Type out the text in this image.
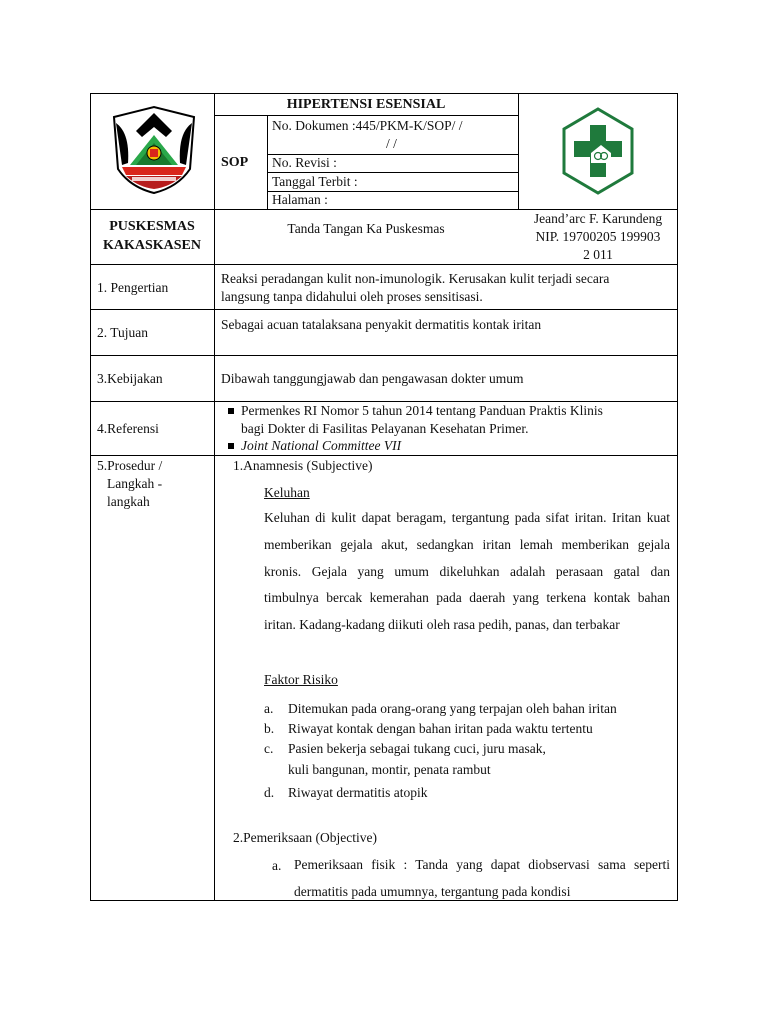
HIPERTENSI ESENSIAL
SOP
No. Dokumen :445/PKM-K/SOP/ /
/ /
No. Revisi :
Tanggal Terbit :
Halaman :
PUSKESMAS
KAKASKASEN
Tanda Tangan Ka Puskesmas
Jeand’arc F. Karundeng
NIP. 19700205 199903
2 011
1. Pengertian
Reaksi peradangan kulit non-imunologik. Kerusakan kulit terjadi secara
langsung tanpa didahului oleh proses sensitisasi.
2. Tujuan
Sebagai acuan tatalaksana penyakit dermatitis kontak iritan
3.Kebijakan	Dibawah tanggungjawab dan pengawasan dokter umum
4.Referensi
Permenkes RI Nomor 5 tahun 2014 tentang Panduan Praktis Klinis
bagi Dokter di Fasilitas Pelayanan Kesehatan Primer.
Joint National Committee VII
5.Prosedur /
Langkah -
langkah
1.Anamnesis (Subjective)
Keluhan
Keluhan di kulit dapat beragam, tergantung pada sifat iritan. Iritan kuat memberikan gejala akut, sedangkan iritan lemah memberikan gejala kronis. Gejala yang umum dikeluhkan adalah perasaan gatal dan timbulnya bercak kemerahan pada daerah yang terkena kontak bahan iritan. Kadang-kadang diikuti oleh rasa pedih, panas, dan terbakar
Faktor Risiko
a. Ditemukan pada orang-orang yang terpajan oleh bahan iritan
b. Riwayat kontak dengan bahan iritan pada waktu tertentu
c. Pasien bekerja sebagai tukang cuci, juru masak,
kuli bangunan, montir, penata rambut
d. Riwayat dermatitis atopik
2.Pemeriksaan (Objective)
a. Pemeriksaan fisik : Tanda yang dapat diobservasi sama seperti dermatitis pada umumnya, tergantung pada kondisi
